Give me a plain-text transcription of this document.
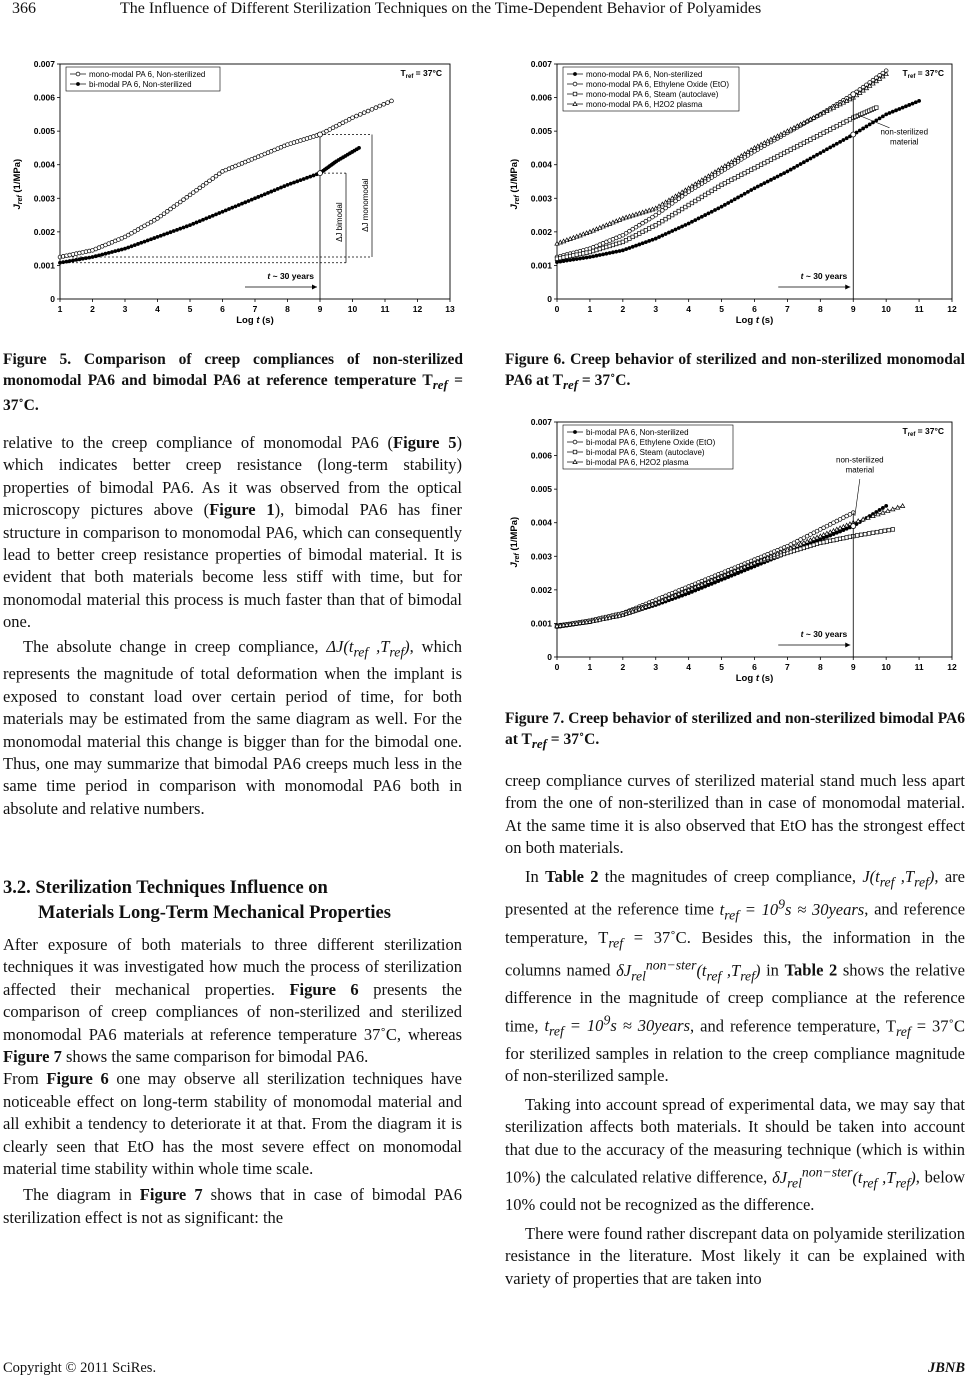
366	The Influence of Different Sterilization Techniques on the Time-Dependent Behavior of Polyamides
1	2	3	4	5	6	7	8	9	10	11	12	13
0
0.001
0.002
0.003
0.004
0.005
0.006
0.007
Log t (s)
$J_{ref}$ (1/MPa)
$T_{ref} = 37^\circ C$
mono-modal PA 6, Non-sterilized
bi-modal PA 6, Non-sterilized
t ~ 30 years
ΔJ bimodal ΔJ monomodal
Figure 5. Comparison of creep compliances of non-sterilized monomodal PA6 and bimodal PA6 at reference temperature $T_{ref}$ = 37˚C.
0	1	2	3	4	5	6	7	8	9	10	11	12
0
0.001
0.002
0.003
0.004
0.005
0.006
0.007
Log t (s)
$J_{ref}$ (1/MPa)
$T_{ref} = 37^\circ C$
mono-modal PA 6, Non-sterilized
mono-modal PA 6, Ethylene Oxide (EtO)
mono-modal PA 6, Steam (autoclave)
mono-modal PA 6, H2O2 plasma
t ~ 30 years
non-sterilized
material
Figure 6. Creep behavior of sterilized and non-sterilized monomodal PA6 at $T_{ref}$ = 37˚C.
0	1	2	3	4	5	6	7	8	9	10	11	12
0
0.001
0.002
0.003
0.004
0.005
0.006
0.007
Log t (s)
$J_{ref}$ (1/MPa)
$T_{ref} = 37^\circ C$
bi-modal PA 6, Non-sterilized
bi-modal PA 6, Ethylene Oxide (EtO)
bi-modal PA 6, Steam (autoclave)
bi-modal PA 6, H2O2 plasma
t ~ 30 years
non-sterilized
material
Figure 7. Creep behavior of sterilized and non-sterilized bimodal PA6 at $T_{ref}$ = 37˚C.

relative to the creep compliance of monomodal PA6 (Figure 5) which indicates better creep resistance (long-term stability) properties of bimodal PA6. As it was observed from the optical microscopy pictures above (Figure 1), bimodal PA6 has finer structure in comparison to monomodal PA6, which can consequently lead to better creep resistance properties of bimodal material. It is evident that both materials become less stiff with time, but for monomodal material this process is much faster than that of bimodal one.

The absolute change in creep compliance, $\Delta J(t_{ref}$ $,T_{ref}$), which represents the magnitude of total deformation when the implant is exposed to constant load over certain period of time, for both materials may be estimated from the same diagram as well. For the monomodal material this change is bigger than for the bimodal one. Thus, one may summarize that bimodal PA6 creeps much less in the same time period in comparison with monomodal PA6 both in absolute and relative numbers.

3.2. Sterilization Techniques Influence on
Materials Long-Term Mechanical Properties

After exposure of both materials to three different sterilization techniques it was investigated how much the process of sterilization affected their mechanical properties. Figure 6 presents the comparison of creep compliances of non-sterilized and sterilized monomodal PA6 materials at reference temperature 37˚C, whereas Figure 7 shows the same comparison for bimodal PA6.

From Figure 6 one may observe all sterilization techniques have noticeable effect on long-term stability of monomodal material and all exhibit a tendency to deteriorate it at that. From the diagram it is clearly seen that EtO has the most severe effect on monomodal material time stability within whole time scale.

The diagram in Figure 7 shows that in case of bimodal PA6 sterilization effect is not as significant: the

creep compliance curves of sterilized material stand much less apart from the one of non-sterilized than in case of monomodal material. At the same time it is also observed that EtO has the strongest effect on both materials.

In Table 2 the magnitudes of creep compliance, $J(t_{ref}$ $,T_{ref}$), are presented at the reference time $t_{ref} = 10^9s$ ≈ 30years, and reference temperature, $T_{ref}$ = 37˚C. Besides this, the information in the columns named $\delta J_{rel}^{non-ster}(t_{ref}$ $,T_{ref}$) in Table 2 shows the relative difference in the magnitude of creep compliance at the reference time, $t_{ref} = 10^9s$ ≈ 30years, and reference temperature, $T_{ref}$ = 37˚C for sterilized samples in relation to the creep compliance magnitude of non-sterilized sample.

Taking into account spread of experimental data, we may say that sterilization affects both materials. It should be taken into account that due to the accuracy of the measuring technique (which is within 10%) the calculated relative difference, $\delta J_{rel}^{non-ster}(t_{ref}$ $,T_{ref}$), below 10% could not be recognized as the difference.

There were found rather discrepant data on polyamide sterilization resistance in the literature. Most likely it can be explained with variety of properties that are taken into

Copyright © 2011 SciRes.	JBNB
